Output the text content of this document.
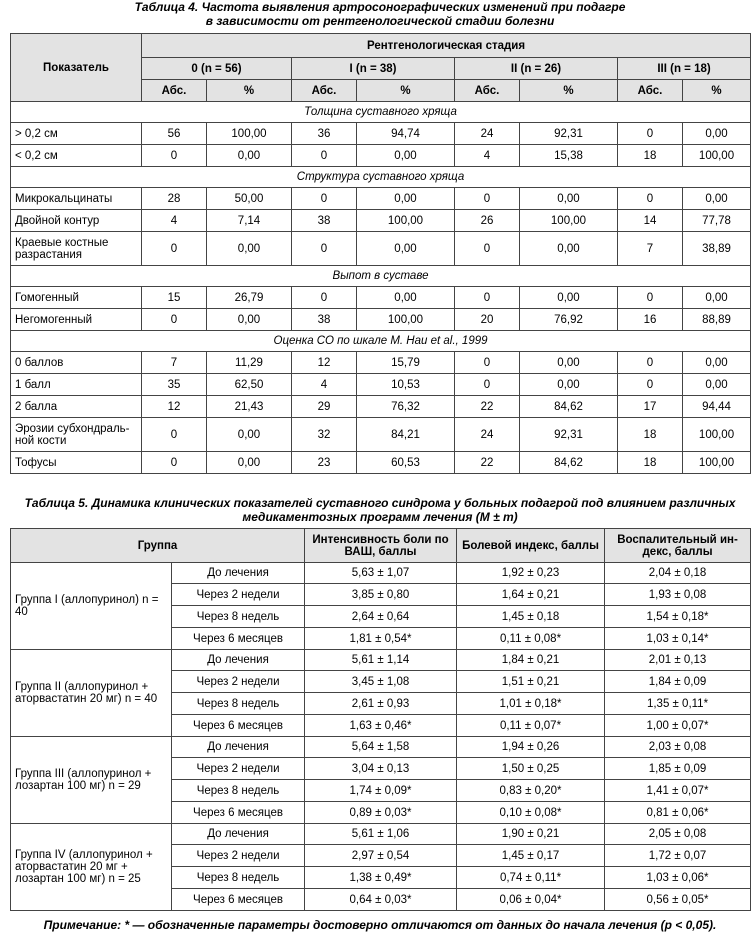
Таблица 4. Частота выявления артросонографических изменений при подагре
в зависимости от рентгенологической стадии болезни
Показатель	Рентгенологическая стадия							
	0 (n = 56)		I (n = 38)		II (n = 26)		III (n = 18)	
	Абс.	%	Абс.	%	Абс.	%	Абс.	%
Толщина суставного хряща								
> 0,2 см	56	100,00	36	94,74	24	92,31	0	0,00
< 0,2 см	0	0,00	0	0,00	4	15,38	18	100,00
Структура суставного хряща								
Микрокальцинаты	28	50,00	0	0,00	0	0,00	0	0,00
Двойной контур	4	7,14	38	100,00	26	100,00	14	77,78
Краевые костные разрастания	0	0,00	0	0,00	0	0,00	7	38,89
Выпот в суставе								
Гомогенный	15	26,79	0	0,00	0	0,00	0	0,00
Негомогенный	0	0,00	38	100,00	20	76,92	16	88,89
Оценка СО по шкале M. Hau et al., 1999								
0 баллов	7	11,29	12	15,79	0	0,00	0	0,00
1 балл	35	62,50	4	10,53	0	0,00	0	0,00
2 балла	12	21,43	29	76,32	22	84,62	17	94,44
Эрозии субхондраль-ной кости	0	0,00	32	84,21	24	92,31	18	100,00
Тофусы	0	0,00	23	60,53	22	84,62	18	100,00
Таблица 5. Динамика клинических показателей суставного синдрома у больных подагрой под влиянием различных
медикаментозных программ лечения (M ± m)
Группа		Интенсивность боли по ВАШ, баллы	Болевой индекс, баллы	Воспалительный ин-декс, баллы
Группа I (аллопуринол) n = 40	До лечения	5,63 ± 1,07	1,92 ± 0,23	2,04 ± 0,18
	Через 2 недели	3,85 ± 0,80	1,64 ± 0,21	1,93 ± 0,08
	Через 8 недель	2,64 ± 0,64	1,45 ± 0,18	1,54 ± 0,18*
	Через 6 месяцев	1,81 ± 0,54*	0,11 ± 0,08*	1,03 ± 0,14*
Группа II (аллопуринол + аторвастатин 20 мг) n = 40	До лечения	5,61 ± 1,14	1,84 ± 0,21	2,01 ± 0,13
	Через 2 недели	3,45 ± 1,08	1,51 ± 0,21	1,84 ± 0,09
	Через 8 недель	2,61 ± 0,93	1,01 ± 0,18*	1,35 ± 0,11*
	Через 6 месяцев	1,63 ± 0,46*	0,11 ± 0,07*	1,00 ± 0,07*
Группа III (аллопуринол + лозартан 100 мг) n = 29	До лечения	5,64 ± 1,58	1,94 ± 0,26	2,03 ± 0,08
	Через 2 недели	3,04 ± 0,13	1,50 ± 0,25	1,85 ± 0,09
	Через 8 недель	1,74 ± 0,09*	0,83 ± 0,20*	1,41 ± 0,07*
	Через 6 месяцев	0,89 ± 0,03*	0,10 ± 0,08*	0,81 ± 0,06*
Группа IV (аллопуринол + аторвастатин 20 мг + лозартан 100 мг) n = 25	До лечения	5,61 ± 1,06	1,90 ± 0,21	2,05 ± 0,08
	Через 2 недели	2,97 ± 0,54	1,45 ± 0,17	1,72 ± 0,07
	Через 8 недель	1,38 ± 0,49*	0,74 ± 0,11*	1,03 ± 0,06*
	Через 6 месяцев	0,64 ± 0,03*	0,06 ± 0,04*	0,56 ± 0,05*
Примечание: * — обозначенные параметры достоверно отличаются от данных до начала лечения (p < 0,05).
